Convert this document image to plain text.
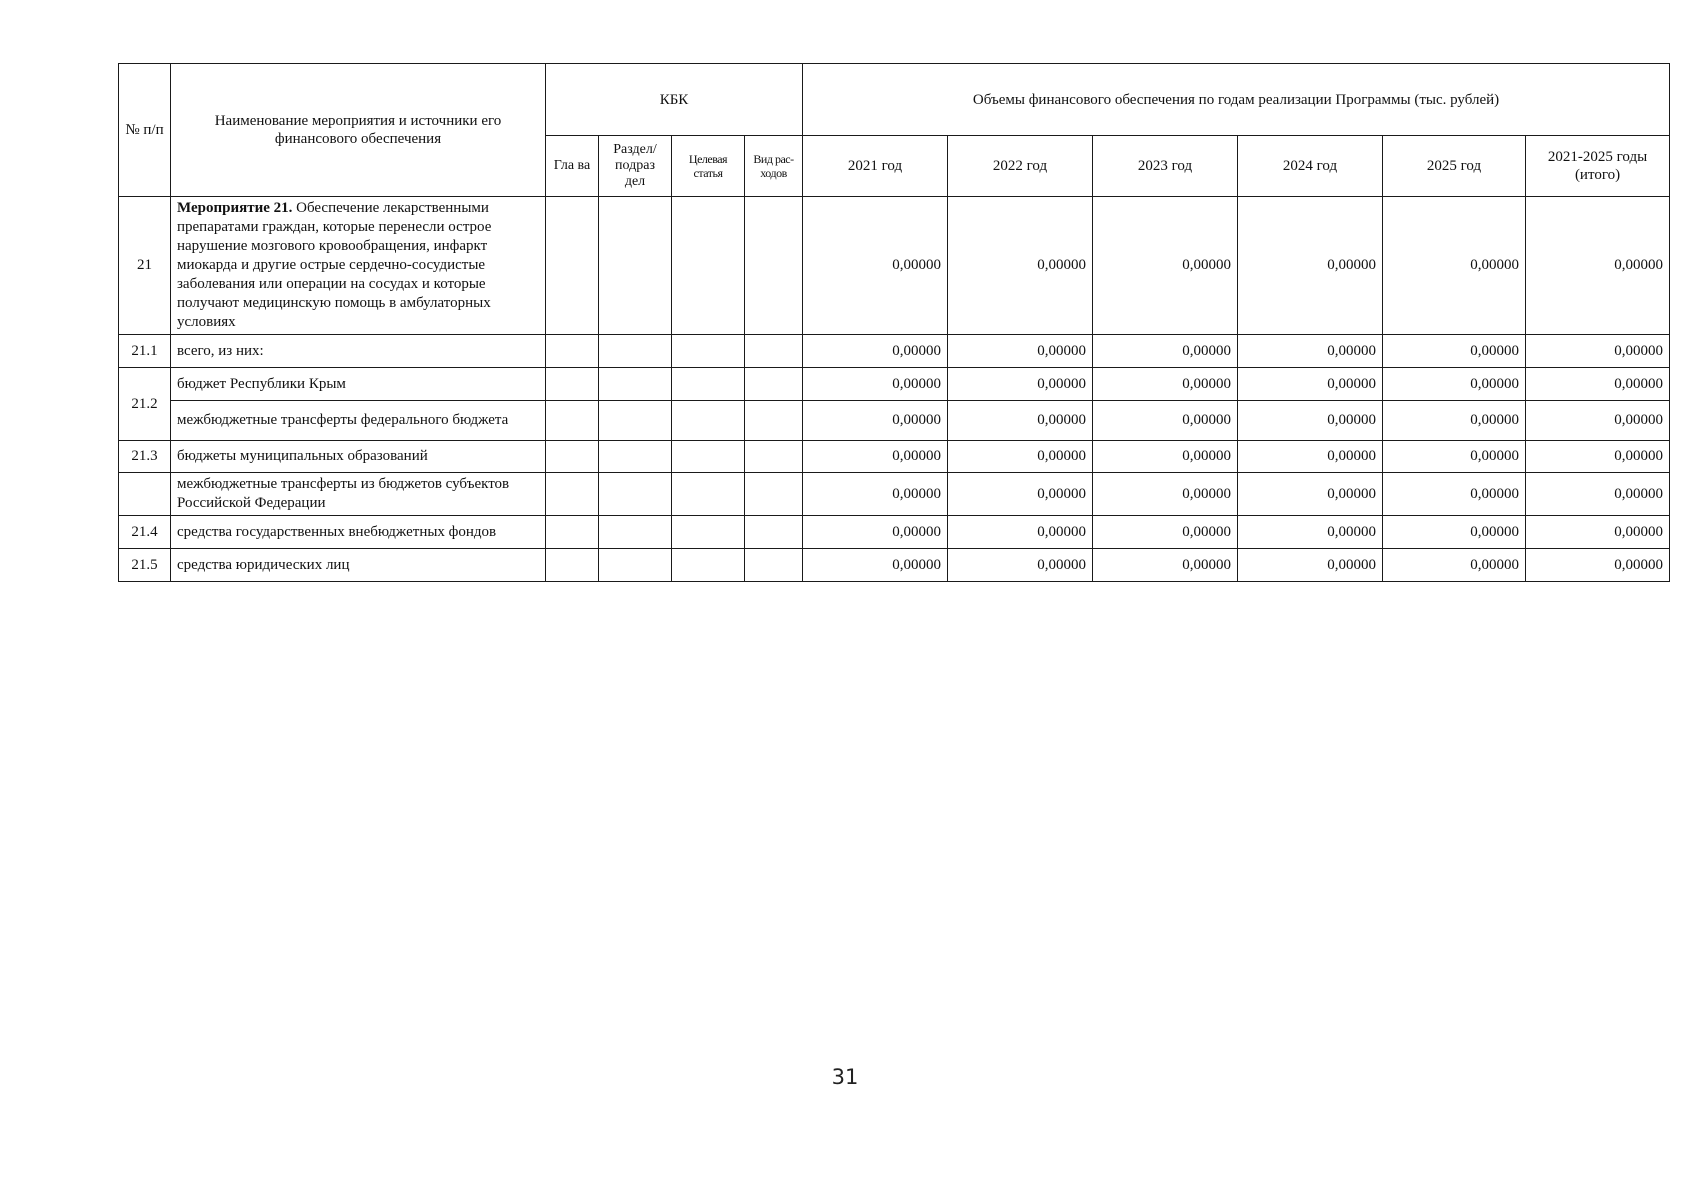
№ п/п	Наименование мероприятия и источники его финансового обеспечения	КБК				Объемы финансового обеспечения по годам реализации Программы (тыс. рублей)					
		Гла ва	Раздел/ подраз дел	Целевая статья	Вид рас- ходов	2021 год	2022 год	2023 год	2024 год	2025 год	2021-2025 годы (итого)
21	Мероприятие 21. Обеспечение лекарственными препаратами граждан, которые перенесли острое нарушение мозгового кровообращения, инфаркт миокарда и другие острые сердечно-сосудистые заболевания или операции на сосудах и которые получают медицинскую помощь в амбулаторных условиях					0,00000	0,00000	0,00000	0,00000	0,00000	0,00000
21.1	всего, из них:					0,00000	0,00000	0,00000	0,00000	0,00000	0,00000
21.2	бюджет Республики Крым					0,00000	0,00000	0,00000	0,00000	0,00000	0,00000
	межбюджетные трансферты федерального бюджета					0,00000	0,00000	0,00000	0,00000	0,00000	0,00000
21.3	бюджеты муниципальных образований					0,00000	0,00000	0,00000	0,00000	0,00000	0,00000
	межбюджетные трансферты из бюджетов субъектов Российской Федерации					0,00000	0,00000	0,00000	0,00000	0,00000	0,00000
21.4	средства государственных внебюджетных фондов					0,00000	0,00000	0,00000	0,00000	0,00000	0,00000
21.5	средства юридических лиц					0,00000	0,00000	0,00000	0,00000	0,00000	0,00000
31
